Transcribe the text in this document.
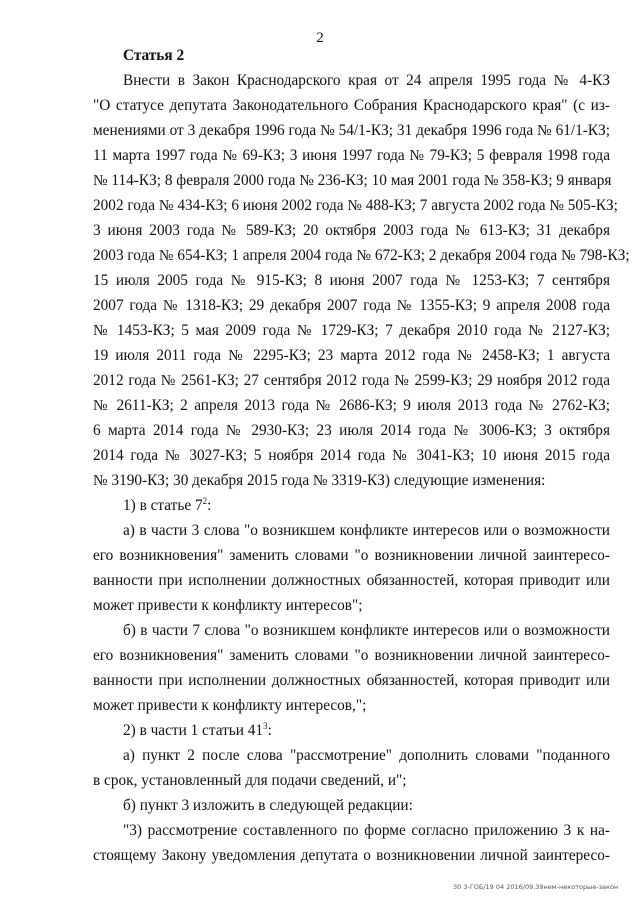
2
Статья 2
Внести в Закон Краснодарского края от 24 апреля 1995 года № 4-КЗ
"О статусе депутата Законодательного Собрания Краснодарского края" (с из-
менениями от 3 декабря 1996 года № 54/1-КЗ; 31 декабря 1996 года № 61/1-КЗ;
11 марта 1997 года № 69-КЗ; 3 июня 1997 года № 79-КЗ; 5 февраля 1998 года
№ 114-КЗ; 8 февраля 2000 года № 236-КЗ; 10 мая 2001 года № 358-КЗ; 9 января
2002 года № 434-КЗ; 6 июня 2002 года № 488-КЗ; 7 августа 2002 года № 505-КЗ;
3 июня 2003 года № 589-КЗ; 20 октября 2003 года № 613-КЗ; 31 декабря
2003 года № 654-КЗ; 1 апреля 2004 года № 672-КЗ; 2 декабря 2004 года № 798-КЗ;
15 июля 2005 года № 915-КЗ; 8 июня 2007 года № 1253-КЗ; 7 сентября
2007 года № 1318-КЗ; 29 декабря 2007 года № 1355-КЗ; 9 апреля 2008 года
№ 1453-КЗ; 5 мая 2009 года № 1729-КЗ; 7 декабря 2010 года № 2127-КЗ;
19 июля 2011 года № 2295-КЗ; 23 марта 2012 года № 2458-КЗ; 1 августа
2012 года № 2561-КЗ; 27 сентября 2012 года № 2599-КЗ; 29 ноября 2012 года
№ 2611-КЗ; 2 апреля 2013 года № 2686-КЗ; 9 июля 2013 года № 2762-КЗ;
6 марта 2014 года № 2930-КЗ; 23 июля 2014 года № 3006-КЗ; 3 октября
2014 года № 3027-КЗ; 5 ноября 2014 года № 3041-КЗ; 10 июня 2015 года
№ 3190-КЗ; 30 декабря 2015 года № 3319-КЗ) следующие изменения:
1) в статье $7^2$:
а) в части 3 слова "о возникшем конфликте интересов или о возможности
его возникновения" заменить словами "о возникновении личной заинтересо-
ванности при исполнении должностных обязанностей, которая приводит или
может привести к конфликту интересов";
б) в части 7 слова "о возникшем конфликте интересов или о возможности
его возникновения" заменить словами "о возникновении личной заинтересо-
ванности при исполнении должностных обязанностей, которая приводит или
может привести к конфликту интересов,";
2) в части 1 статьи $41^3$:
а) пункт 2 после слова "рассмотрение" дополнить словами "поданного
в срок, установленный для подачи сведений, и";
б) пункт 3 изложить в следующей редакции:
"3) рассмотрение составленного по форме согласно приложению 3 к на-
стоящему Закону уведомления депутата о возникновении личной заинтересо-
30 3-ГОБ/19 04 2016/09.39нем-некоторые-закон
